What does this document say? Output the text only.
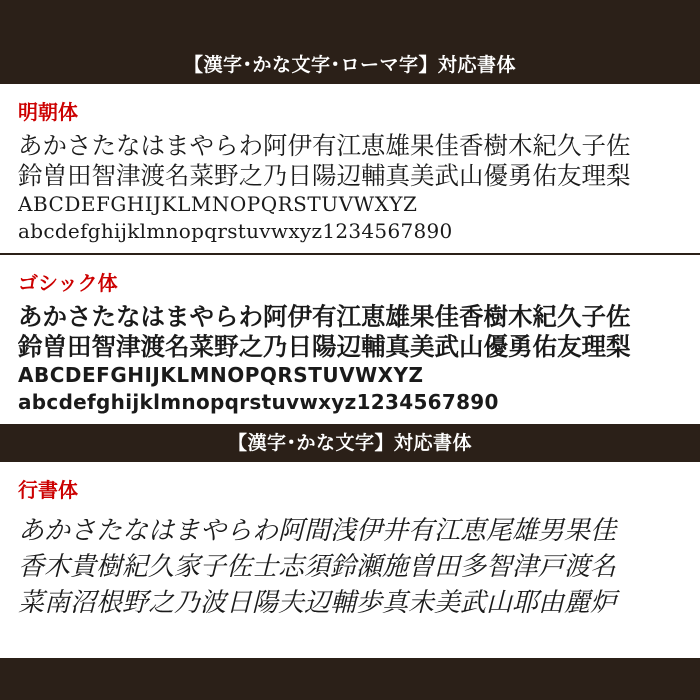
【漢字･かな文字･ローマ字】対応書体
明朝体
あかさたなはまやらわ阿伊有江恵雄果佳香樹木紀久子佐
鈴曽田智津渡名菜野之乃日陽辺輔真美武山優勇佑友理梨
ABCDEFGHIJKLMNOPQRSTUVWXYZ
abcdefghijklmnopqrstuvwxyz1234567890
ゴシック体
あかさたなはまやらわ阿伊有江恵雄果佳香樹木紀久子佐
鈴曽田智津渡名菜野之乃日陽辺輔真美武山優勇佑友理梨
ABCDEFGHIJKLMNOPQRSTUVWXYZ
abcdefghijklmnopqrstuvwxyz1234567890
【漢字･かな文字】対応書体
行書体
あかさたなはまやらわ阿間浅伊井有江恵尾雄男果佳
香木貴樹紀久家子佐士志須鈴瀬施曽田多智津戸渡名
菜南沼根野之乃波日陽夫辺輔歩真未美武山耶由麗炉
